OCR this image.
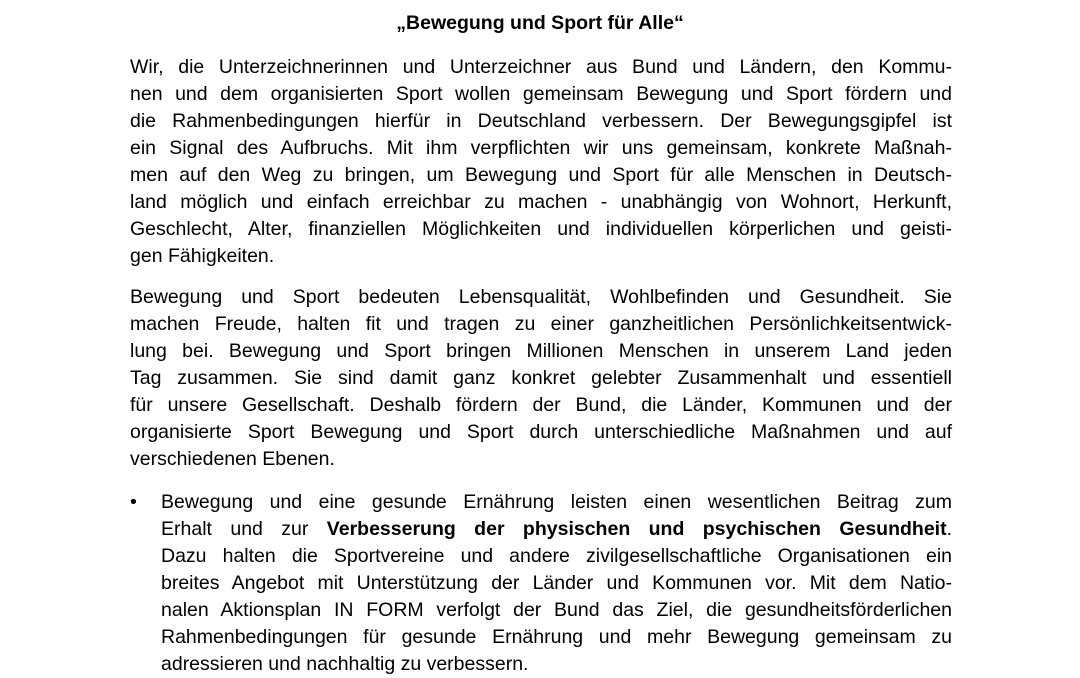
„Bewegung und Sport für Alle“
Wir, die Unterzeichnerinnen und Unterzeichner aus Bund und Ländern, den Kommu-
nen und dem organisierten Sport wollen gemeinsam Bewegung und Sport fördern und
die Rahmenbedingungen hierfür in Deutschland verbessern. Der Bewegungsgipfel ist
ein Signal des Aufbruchs. Mit ihm verpflichten wir uns gemeinsam, konkrete Maßnah-
men auf den Weg zu bringen, um Bewegung und Sport für alle Menschen in Deutsch-
land möglich und einfach erreichbar zu machen - unabhängig von Wohnort, Herkunft,
Geschlecht, Alter, finanziellen Möglichkeiten und individuellen körperlichen und geisti-
gen Fähigkeiten.
Bewegung und Sport bedeuten Lebensqualität, Wohlbefinden und Gesundheit. Sie
machen Freude, halten fit und tragen zu einer ganzheitlichen Persönlichkeitsentwick-
lung bei. Bewegung und Sport bringen Millionen Menschen in unserem Land jeden
Tag zusammen. Sie sind damit ganz konkret gelebter Zusammenhalt und essentiell
für unsere Gesellschaft. Deshalb fördern der Bund, die Länder, Kommunen und der
organisierte Sport Bewegung und Sport durch unterschiedliche Maßnahmen und auf
verschiedenen Ebenen.
•	Bewegung und eine gesunde Ernährung leisten einen wesentlichen Beitrag zum
Erhalt und zur Verbesserung der physischen und psychischen Gesundheit.
Dazu halten die Sportvereine und andere zivilgesellschaftliche Organisationen ein
breites Angebot mit Unterstützung der Länder und Kommunen vor. Mit dem Natio-
nalen Aktionsplan IN FORM verfolgt der Bund das Ziel, die gesundheitsförderlichen
Rahmenbedingungen für gesunde Ernährung und mehr Bewegung gemeinsam zu
adressieren und nachhaltig zu verbessern.
